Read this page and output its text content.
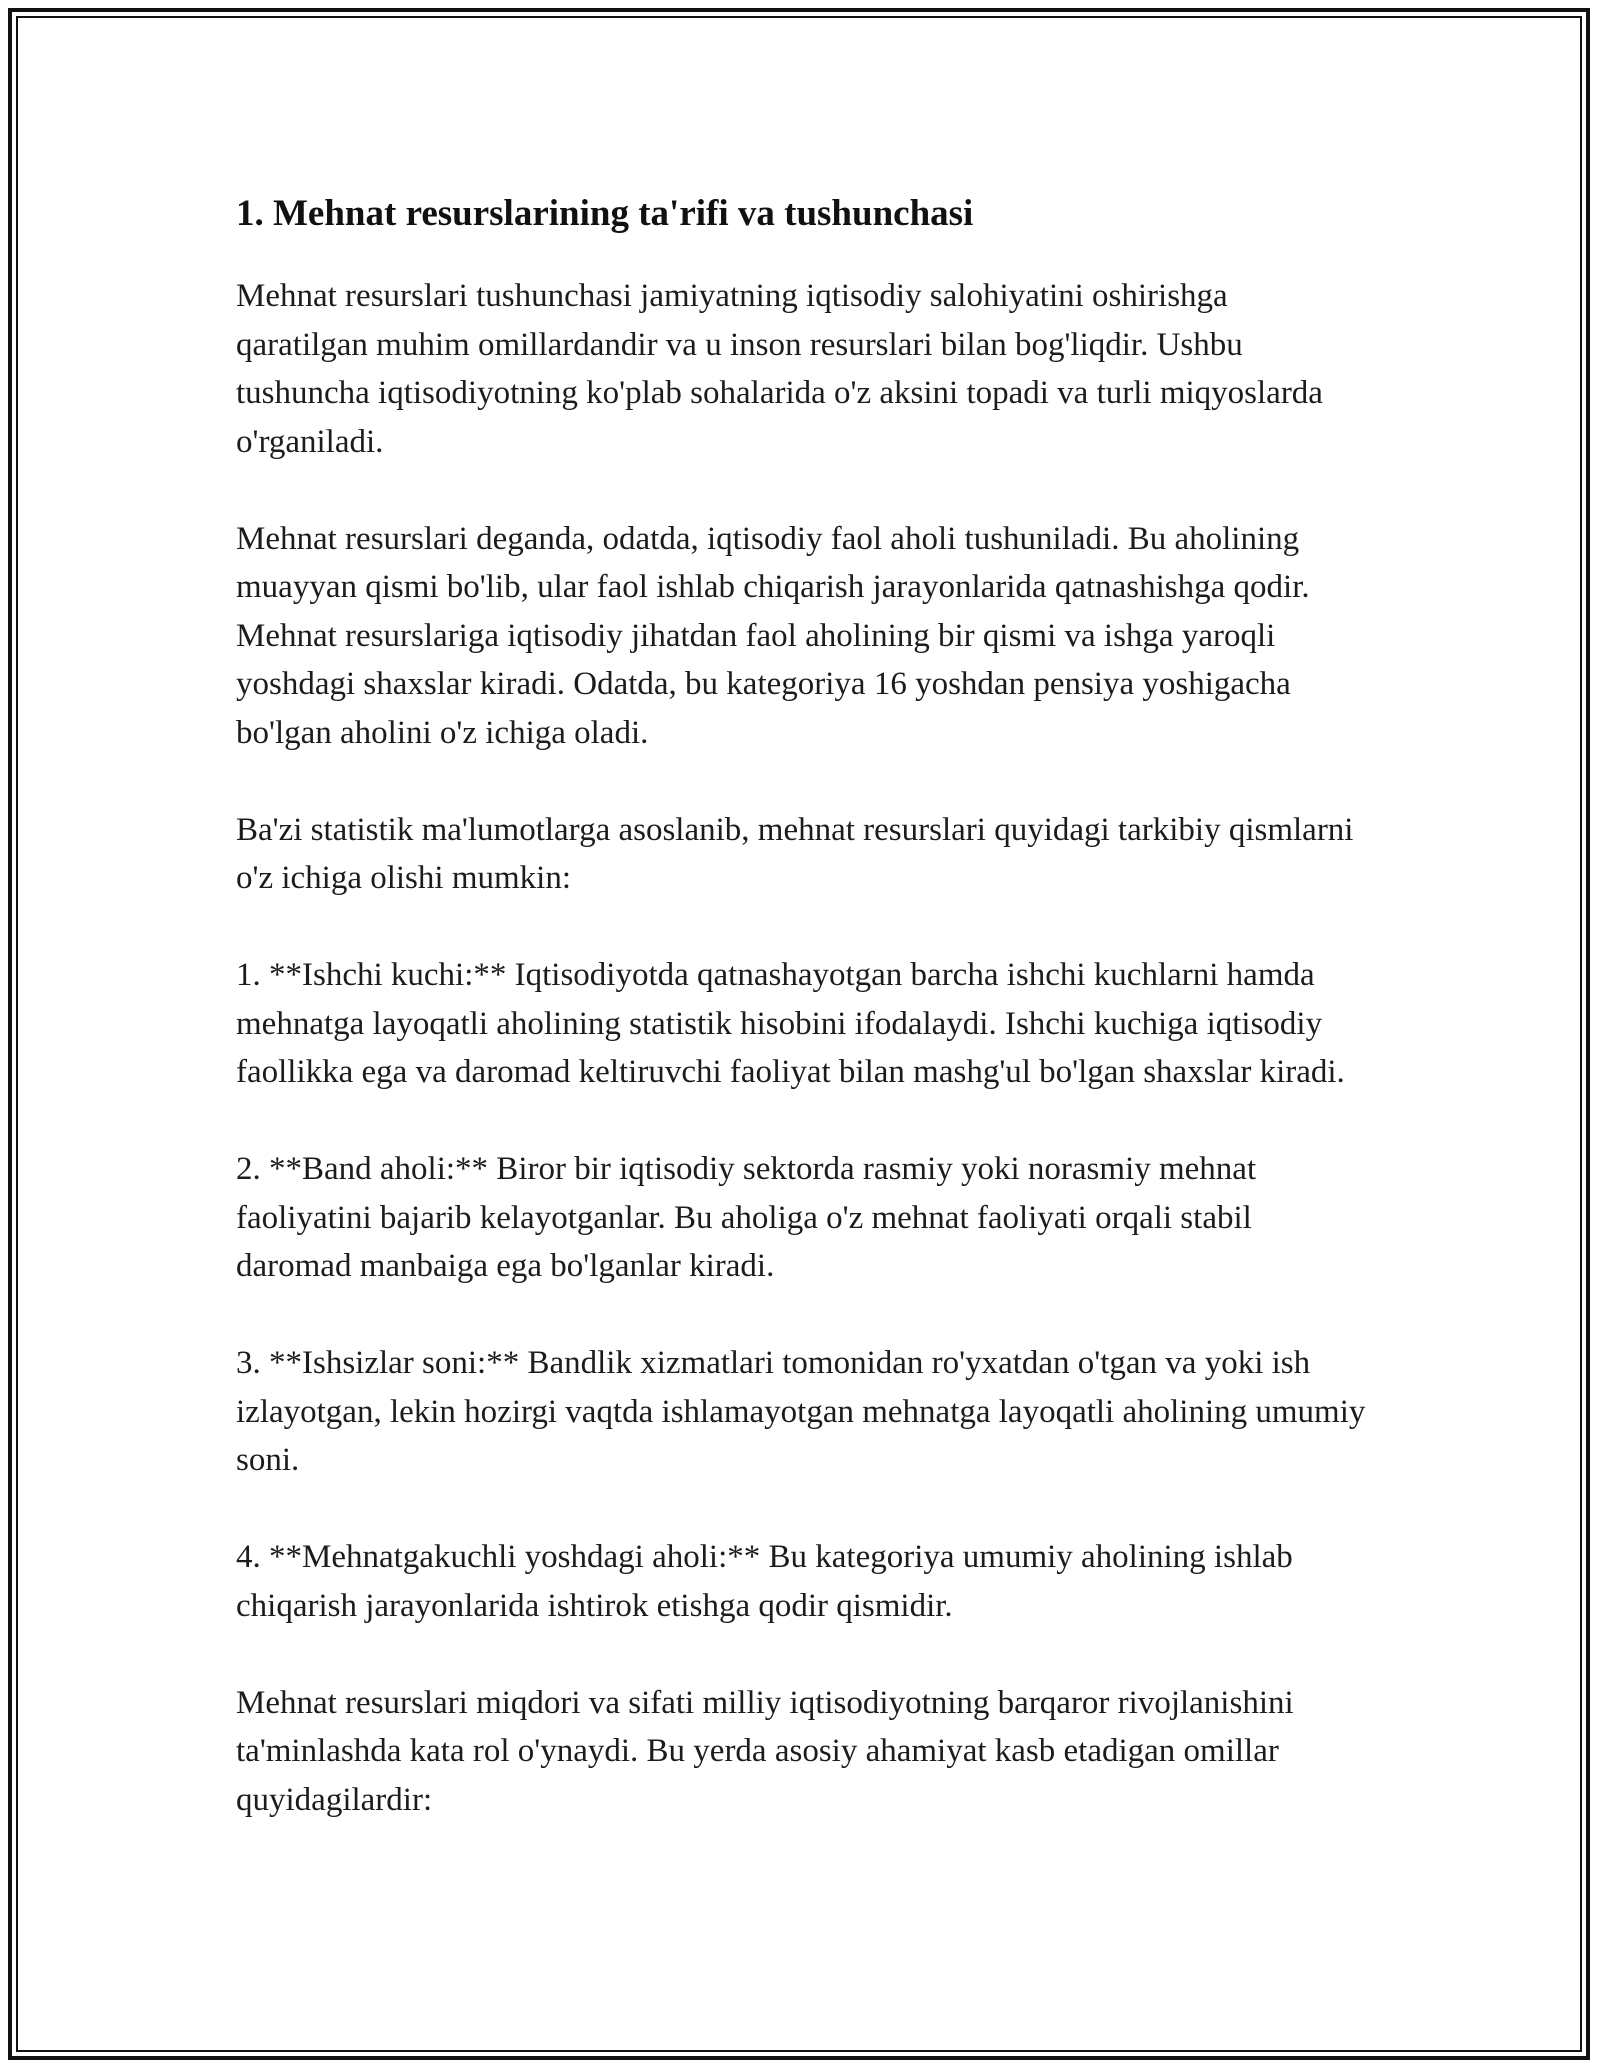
1. Mehnat resurslarining ta'rifi va tushunchasi

Mehnat resurslari tushunchasi jamiyatning iqtisodiy salohiyatini oshirishga qaratilgan muhim omillardandir va u inson resurslari bilan bog'liqdir. Ushbu tushuncha iqtisodiyotning ko'plab sohalarida o'z aksini topadi va turli miqyoslarda o'rganiladi.

Mehnat resurslari deganda, odatda, iqtisodiy faol aholi tushuniladi. Bu aholining muayyan qismi bo'lib, ular faol ishlab chiqarish jarayonlarida qatnashishga qodir. Mehnat resurslariga iqtisodiy jihatdan faol aholining bir qismi va ishga yaroqli yoshdagi shaxslar kiradi. Odatda, bu kategoriya 16 yoshdan pensiya yoshigacha bo'lgan aholini o'z ichiga oladi.

Ba'zi statistik ma'lumotlarga asoslanib, mehnat resurslari quyidagi tarkibiy qismlarni o'z ichiga olishi mumkin:

1. **Ishchi kuchi:** Iqtisodiyotda qatnashayotgan barcha ishchi kuchlarni hamda mehnatga layoqatli aholining statistik hisobini ifodalaydi. Ishchi kuchiga iqtisodiy faollikka ega va daromad keltiruvchi faoliyat bilan mashg'ul bo'lgan shaxslar kiradi.

2. **Band aholi:** Biror bir iqtisodiy sektorda rasmiy yoki norasmiy mehnat faoliyatini bajarib kelayotganlar. Bu aholiga o'z mehnat faoliyati orqali stabil daromad manbaiga ega bo'lganlar kiradi.

3. **Ishsizlar soni:** Bandlik xizmatlari tomonidan ro'yxatdan o'tgan va yoki ish izlayotgan, lekin hozirgi vaqtda ishlamayotgan mehnatga layoqatli aholining umumiy soni.

4. **Mehnatgakuchli yoshdagi aholi:** Bu kategoriya umumiy aholining ishlab chiqarish jarayonlarida ishtirok etishga qodir qismidir.

Mehnat resurslari miqdori va sifati milliy iqtisodiyotning barqaror rivojlanishini ta'minlashda kata rol o'ynaydi. Bu yerda asosiy ahamiyat kasb etadigan omillar quyidagilardir:
